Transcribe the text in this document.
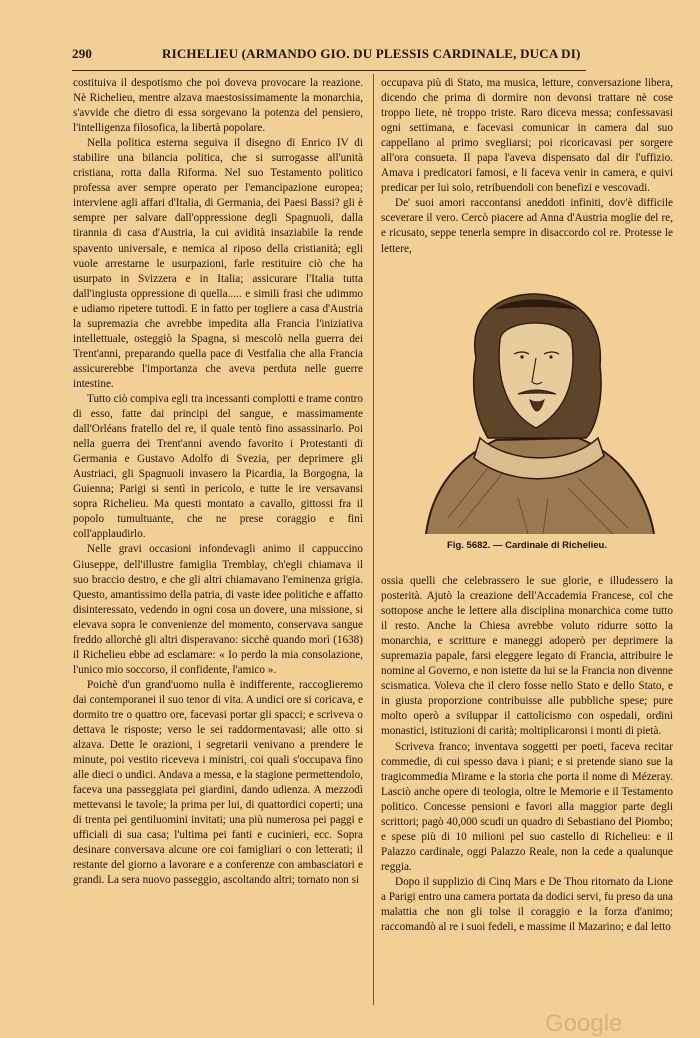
290	RICHELIEU (ARMANDO GIO. DU PLESSIS CARDINALE, DUCA DI)

costituiva il despotismo che poi doveva provocare la reazione. Nè Richelieu, mentre alzava maestosissimamente la monarchia, s'avvide che dietro di essa sorgevano la potenza del pensiero, l'intelligenza filosofica, la libertà popolare.

Nella politica esterna seguiva il disegno di Enrico IV di stabilire una bilancia politica, che si surrogasse all'unità cristiana, rotta dalla Riforma. Nel suo Testamento politico professa aver sempre operato per l'emancipazione europea; interviene agli affari d'Italia, di Germania, dei Paesi Bassi? gli è sempre per salvare dall'oppressione degli Spagnuoli, dalla tirannia di casa d'Austria, la cui avidità insaziabile la rende spavento universale, e nemica al riposo della cristianità; egli vuole arrestarne le usurpazioni, farle restituire ciò che ha usurpato in Svizzera e in Italia; assicurare l'Italia tutta dall'ingiusta oppressione di quella..... e simili frasi che udimmo e udiamo ripetere tuttodì. E in fatto per togliere a casa d'Austria la supremazia che avrebbe impedita alla Francia l'iniziativa intellettuale, osteggiò la Spagna, si mescolò nella guerra dei Trent'anni, preparando quella pace di Vestfalia che alla Francia assicurerebbe l'importanza che aveva perduta nelle guerre intestine.

Tutto ciò compiva egli tra incessanti complotti e trame contro di esso, fatte dai principi del sangue, e massimamente dall'Orléans fratello del re, il quale tentò fino assassinarlo. Poi nella guerra dei Trent'anni avendo favorito i Protestanti di Germania e Gustavo Adolfo di Svezia, per deprimere gli Austriaci, gli Spagnuoli invasero la Picardia, la Borgogna, la Guienna; Parigi si sentì in pericolo, e tutte le ire versavansi sopra Richelieu. Ma questi montato a cavallo, gittossi fra il popolo tumultuante, che ne prese coraggio e finì coll'applaudirlo.

Nelle gravi occasioni infondevagli animo il cappuccino Giuseppe, dell'illustre famiglia Tremblay, ch'egli chiamava il suo braccio destro, e che gli altri chiamavano l'eminenza grigia. Questo, amantissimo della patria, di vaste idee politiche e affatto disinteressato, vedendo in ogni cosa un dovere, una missione, si elevava sopra le convenienze del momento, conservava sangue freddo allorchè gli altri disperavano: sicchè quando morì (1638) il Richelieu ebbe ad esclamare: « Io perdo la mia consolazione, l'unico mio soccorso, il confidente, l'amico ».

Poichè d'un grand'uomo nulla è indifferente, raccoglieremo dai contemporanei il suo tenor di vita. A undici ore si coricava, e dormito tre o quattro ore, facevasi portar gli spacci; e scriveva o dettava le risposte; verso le sei raddormentavasi; alle otto si alzava. Dette le orazioni, i segretarii venivano a prendere le minute, poi vestito riceveva i ministri, coi quali s'occupava fino alle dieci o undici. Andava a messa, e la stagione permettendolo, faceva una passeggiata pei giardini, dando udienza. A mezzodì mettevansi le tavole; la prima per lui, di quattordici coperti; una di trenta pei gentiluomini invitati; una più numerosa pei paggi e ufficiali di sua casa; l'ultima pei fanti e cucinieri, ecc. Sopra desinare conversava alcune ore coi famigliari o con letterati; il restante del giorno a lavorare e a conferenze con ambasciatori e grandi. La sera nuovo passeggio, ascoltando altri; tornato non si

occupava più di Stato, ma musica, letture, conversazione libera, dicendo che prima di dormire non devonsi trattare nè cose troppo liete, nè troppo triste. Raro diceva messa; confessavasi ogni settimana, e facevasi comunicar in camera dal suo cappellano al primo svegliarsi; poi ricoricavasi per sorgere all'ora consueta. Il papa l'aveva dispensato dal dir l'uffizio. Amava i predicatori famosi, e li faceva venir in camera, e quivi predicar per lui solo, retribuendoli con benefizi e vescovadi.

De' suoi amori raccontansi aneddoti infiniti, dov'è difficile sceverare il vero. Cercò piacere ad Anna d'Austria moglie del re, e ricusato, seppe tenerla sempre in disaccordo col re. Protesse le lettere,

Fig. 5682. — Cardinale di Richelieu.

ossia quelli che celebrassero le sue glorie, e illudessero la posterità. Ajutò la creazione dell'Accademia Francese, col che sottopose anche le lettere alla disciplina monarchica come tutto il resto. Anche la Chiesa avrebbe voluto ridurre sotto la monarchia, e scritture e maneggi adoperò per deprimere la supremazia papale, farsi eleggere legato di Francia, attribuire le nomine al Governo, e non istette da lui se la Francia non divenne scismatica. Voleva che il clero fosse nello Stato e dello Stato, e in giusta proporzione contribuisse alle pubbliche spese; pure molto operò a sviluppar il cattolicismo con ospedali, ordini monastici, istituzioni di carità; moltiplicaronsi i monti di pietà.

Scriveva franco; inventava soggetti per poeti, faceva recitar commedie, di cui spesso dava i piani; e si pretende siano sue la tragicommedia Mirame e la storia che porta il nome di Mézeray. Lasciò anche opere di teologia, oltre le Memorie e il Testamento politico. Concesse pensioni e favori alla maggior parte degli scrittori; pagò 40,000 scudi un quadro di Sebastiano del Piombo; e spese più di 10 milioni pel suo castello di Richelieu: e il Palazzo cardinale, oggi Palazzo Reale, non la cede a qualunque reggia.

Dopo il supplizio di Cinq Mars e De Thou ritornato da Lione a Parigi entro una camera portata da dodici servi, fu preso da una malattia che non gli tolse il coraggio e la forza d'animo; raccomandò al re i suoi fedeli, e massime il Mazarino; e dal letto

Google
